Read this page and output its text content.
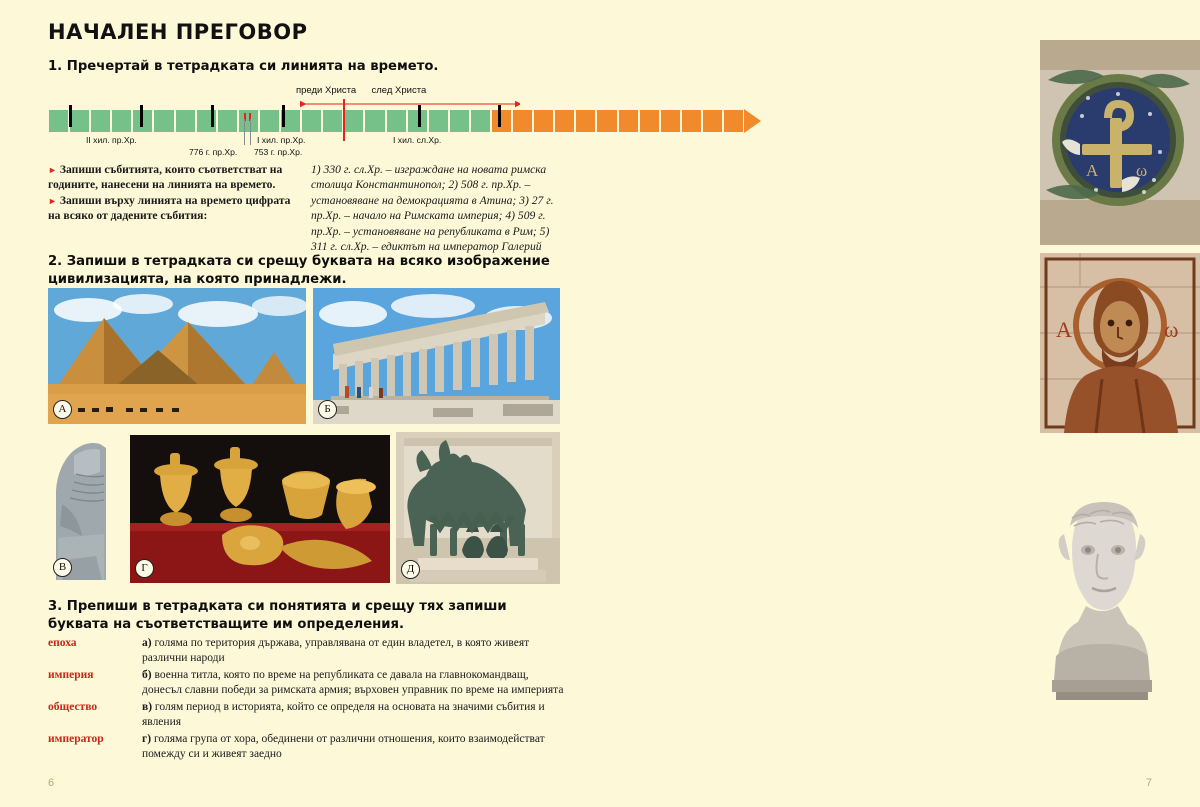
НАЧАЛЕН ПРЕГОВОР
1. Пречертай в тетрадката си линията на времето.
преди Христа след Христа
II хил. пр.Хр.	I хил. пр.Хр.	I хил. сл.Хр.
776 г. пр.Хр. 753 г. пр.Хр.
► Запиши събитията, които съответстват на годините, нанесени на линията на времето.
► Запиши върху линията на времето цифрата на всяко от дадените събития:
1) 330 г. сл.Хр. – изграждане на новата римска столица Константинопол; 2) 508 г. пр.Хр. – установяване на демокрацията в Атина; 3) 27 г. пр.Хр. – начало на Римската империя; 4) 509 г. пр.Хр. – установяване на републиката в Рим; 5) 311 г. сл.Хр. – едиктът на император Галерий
2. Запиши в тетрадката си срещу буквата на всяко изображение цивилизацията, на която принадлежи.
А	Б
В	Г	Д
3. Препиши в тетрадката си понятията и срещу тях запиши буквата на съответстващите им определения.
епоха	а) голяма по територия държава, управлявана от един владетел, в която живеят различни народи
империя	б) военна титла, която по време на републиката се давала на главнокомандващ, донесъл славни победи за римската армия; върховен управник по време на империята
общество	в) голям период в историята, който се определя на основата на значими събития и явления
император	г) голяма група от хора, обединени от различни отношения, които взаимодействат помежду си и живеят заедно
6

A ω
A	ω
7
